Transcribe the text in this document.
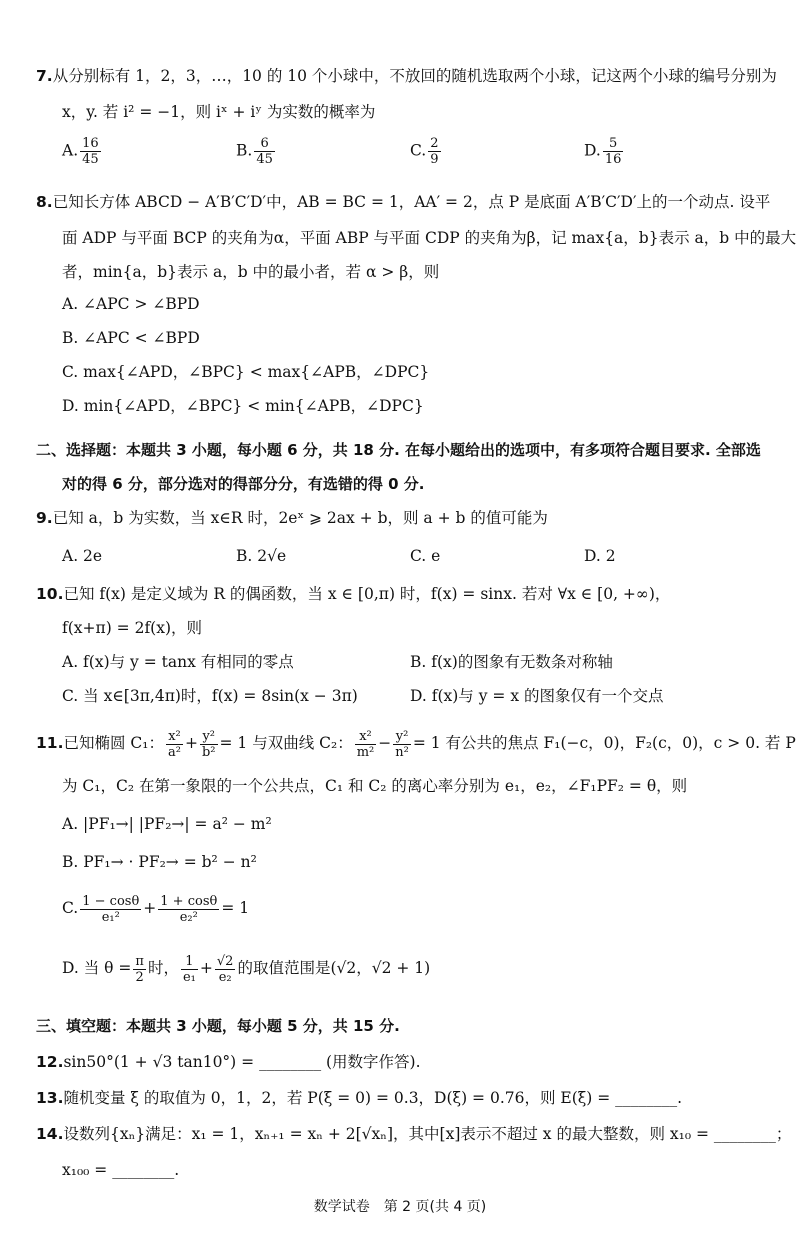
7.从分别标有 1，2，3，…，10 的 10 个小球中，不放回的随机选取两个小球，记这两个小球的编号分别为
x，y. 若 i² = −1，则 iˣ + iʸ 为实数的概率为
A. $\frac{16}{45}$	B. $\frac{6}{45}$	C. $\frac{2}{9}$	D. $\frac{5}{16}$
8.已知长方体 ABCD − A′B′C′D′中，AB = BC = 1，AA′ = 2，点 P 是底面 A′B′C′D′上的一个动点. 设平
面 ADP 与平面 BCP 的夹角为α，平面 ABP 与平面 CDP 的夹角为β，记 max{a，b}表示 a，b 中的最大
者，min{a，b}表示 a，b 中的最小者，若 α > β，则
A. ∠APC > ∠BPD
B. ∠APC < ∠BPD
C. max{∠APD，∠BPC} < max{∠APB，∠DPC}
D. min{∠APD，∠BPC} < min{∠APB，∠DPC}
二、选择题：本题共 3 小题，每小题 6 分，共 18 分. 在每小题给出的选项中，有多项符合题目要求. 全部选
对的得 6 分，部分选对的得部分分，有选错的得 0 分.
9.已知 a，b 为实数，当 x∈R 时，2eˣ ⩾ 2ax + b，则 a + b 的值可能为
A. 2e	B. 2√e	C. e	D. 2
10.已知 f(x) 是定义域为 R 的偶函数，当 x ∈ [0,π) 时，f(x) = sinx. 若对 ∀x ∈ [0, +∞)，
f(x+π) = 2f(x)，则
A. f(x)与 y = tanx 有相同的零点	B. f(x)的图象有无数条对称轴
C. 当 x∈[3π,4π)时，f(x) = 8sin(x − 3π)	D. f(x)与 y = x 的图象仅有一个交点
11.已知椭圆 C₁： $\frac{\text{x²}}{\text{a²}} + \frac{\text{y²}}{\text{b²}} = 1$ 与双曲线 C₂： $\frac{\text{x²}}{\text{m²}} - \frac{\text{y²}}{\text{n²}} = 1$ 有公共的焦点 F₁(−c，0)，F₂(c，0)，c > 0. 若 P
为 C₁，C₂ 在第一象限的一个公共点，C₁ 和 C₂ 的离心率分别为 e₁，e₂，∠F₁PF₂ = θ，则
A. |PF₁→| |PF₂→| = a² − m²
B. PF₁→ · PF₂→ = b² − n²
C. $\frac{1 - \cos\theta}{\text{e₁²}} + \frac{1 + \cos\theta}{\text{e₂²}} = 1$
D. 当 $\theta = \frac{\pi}{2}$ 时， $\frac{1}{\text{e₁}} + \frac{√2}{\text{e₂}}$ 的取值范围是(√2，√2 + 1)
三、填空题：本题共 3 小题，每小题 5 分，共 15 分.
12.sin50°(1 + √3 tan10°) = ________ (用数字作答).
13.随机变量 ξ 的取值为 0，1，2，若 P(ξ = 0) = 0.3，D(ξ) = 0.76，则 E(ξ) = ________.
14.设数列{xₙ}满足：x₁ = 1，xₙ₊₁ = xₙ + 2[√xₙ]，其中[x]表示不超过 x 的最大整数，则 x₁₀ = ________；
x₁₀₀ = ________.
数学试卷　第 2 页(共 4 页)
